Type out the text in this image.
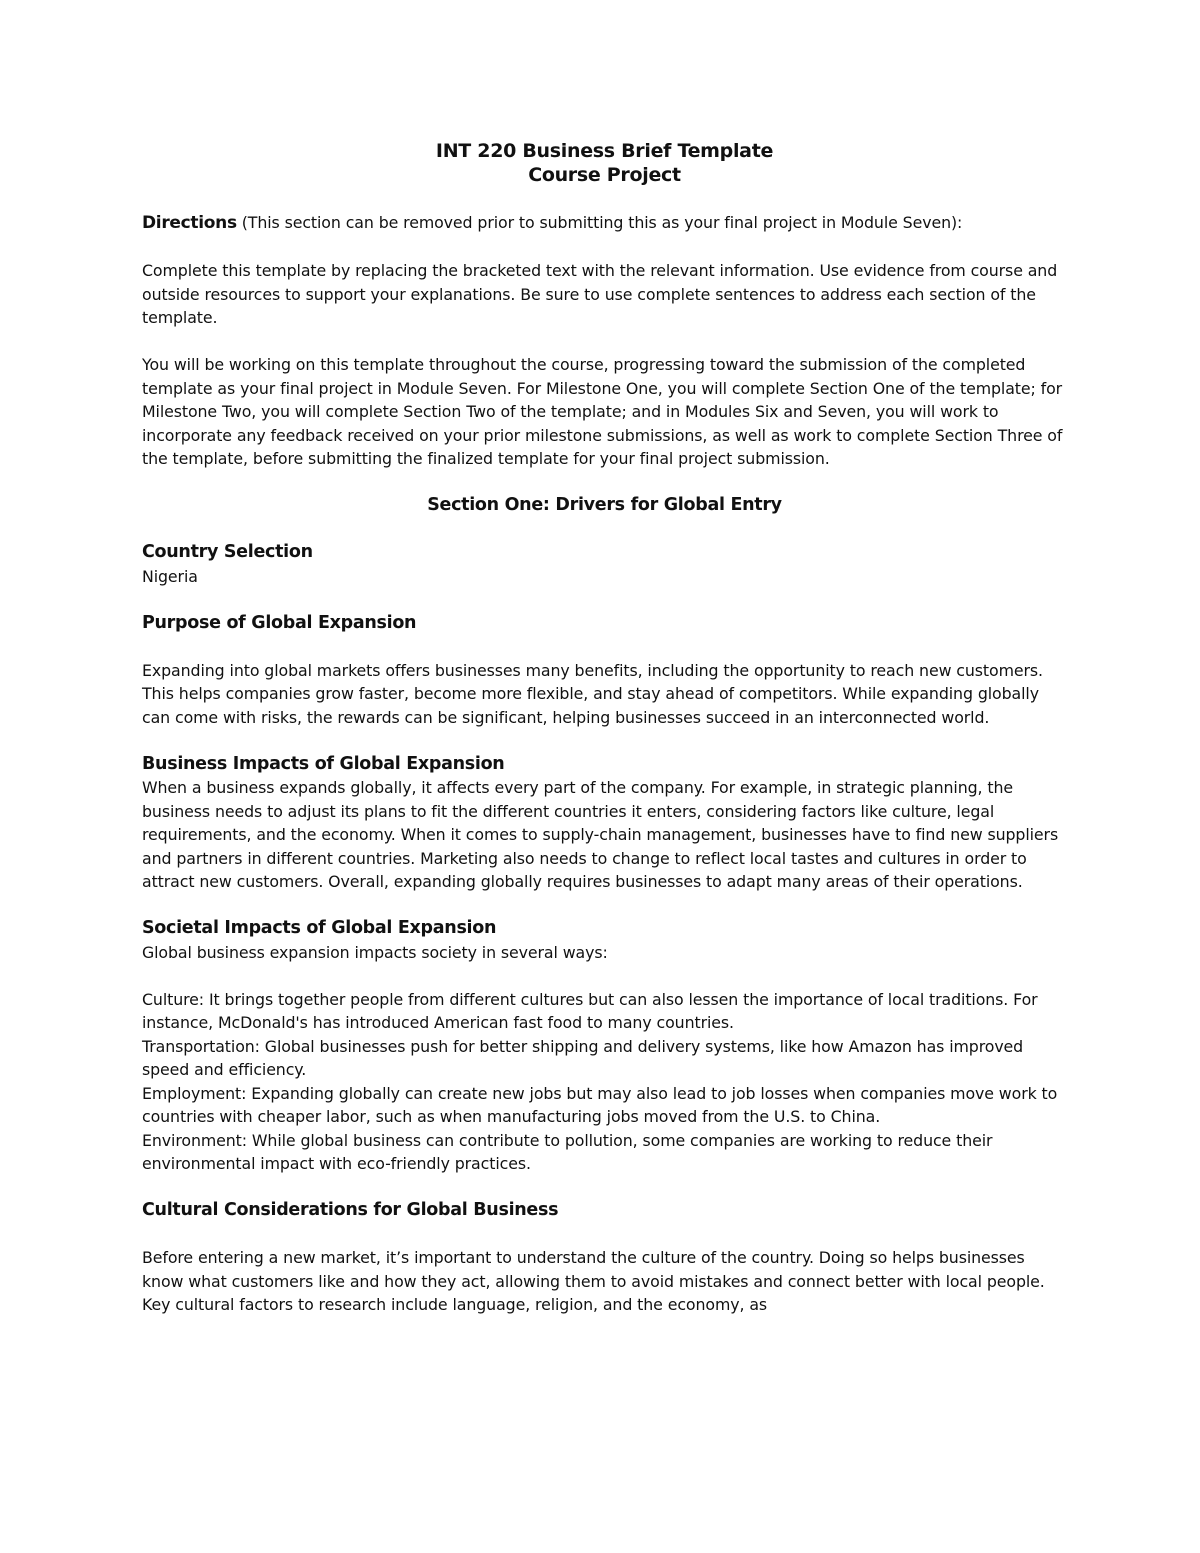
INT 220 Business Brief Template
Course Project

Directions (This section can be removed prior to submitting this as your final project in Module Seven):

Complete this template by replacing the bracketed text with the relevant information. Use evidence from course and outside resources to support your explanations. Be sure to use complete sentences to address each section of the template.

You will be working on this template throughout the course, progressing toward the submission of the completed template as your final project in Module Seven. For Milestone One, you will complete Section One of the template; for Milestone Two, you will complete Section Two of the template; and in Modules Six and Seven, you will work to incorporate any feedback received on your prior milestone submissions, as well as work to complete Section Three of the template, before submitting the finalized template for your final project submission.

Section One: Drivers for Global Entry
Country Selection

Nigeria

Purpose of Global Expansion

Expanding into global markets offers businesses many benefits, including the opportunity to reach new customers. This helps companies grow faster, become more flexible, and stay ahead of competitors. While expanding globally can come with risks, the rewards can be significant, helping businesses succeed in an interconnected world.

Business Impacts of Global Expansion

When a business expands globally, it affects every part of the company. For example, in strategic planning, the business needs to adjust its plans to fit the different countries it enters, considering factors like culture, legal requirements, and the economy. When it comes to supply-chain management, businesses have to find new suppliers and partners in different countries. Marketing also needs to change to reflect local tastes and cultures in order to attract new customers. Overall, expanding globally requires businesses to adapt many areas of their operations.

Societal Impacts of Global Expansion

Global business expansion impacts society in several ways:

Culture: It brings together people from different cultures but can also lessen the importance of local traditions. For instance, McDonald's has introduced American fast food to many countries.

Transportation: Global businesses push for better shipping and delivery systems, like how Amazon has improved speed and efficiency.

Employment: Expanding globally can create new jobs but may also lead to job losses when companies move work to countries with cheaper labor, such as when manufacturing jobs moved from the U.S. to China.

Environment: While global business can contribute to pollution, some companies are working to reduce their environmental impact with eco-friendly practices.

Cultural Considerations for Global Business

Before entering a new market, it’s important to understand the culture of the country. Doing so helps businesses know what customers like and how they act, allowing them to avoid mistakes and connect better with local people. Key cultural factors to research include language, religion, and the economy, as
